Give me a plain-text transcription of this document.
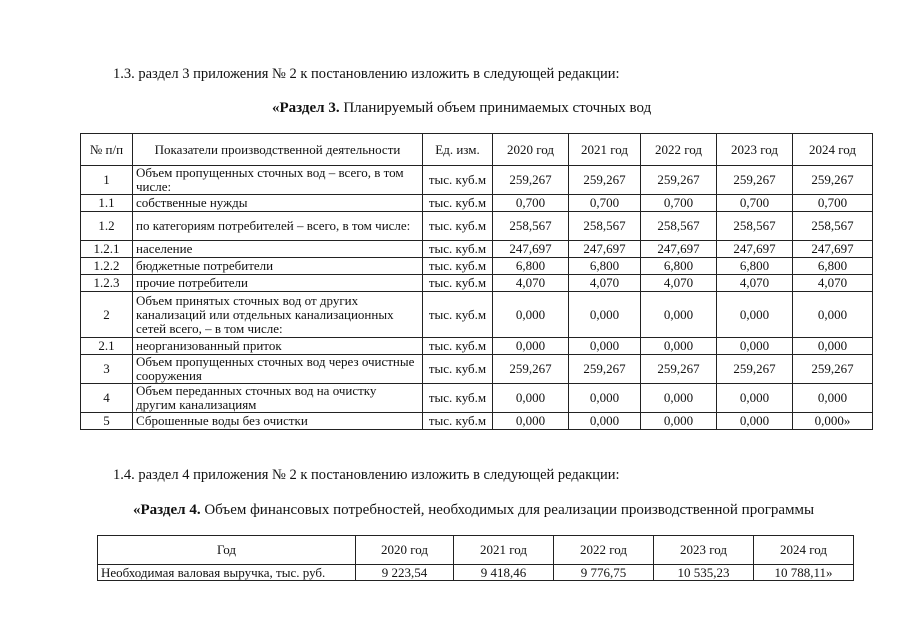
1.3. раздел 3 приложения № 2 к постановлению изложить в следующей редакции:
«Раздел 3. Планируемый объем принимаемых сточных вод
№ п/п	Показатели производственной деятельности	Ед. изм.	2020 год	2021 год	2022 год	2023 год	2024 год
1	Объем пропущенных сточных вод – всего, в том числе:	тыс. куб.м	259,267	259,267	259,267	259,267	259,267
1.1	собственные нужды	тыс. куб.м	0,700	0,700	0,700	0,700	0,700
1.2	по категориям потребителей – всего, в том числе:	тыс. куб.м	258,567	258,567	258,567	258,567	258,567
1.2.1	население	тыс. куб.м	247,697	247,697	247,697	247,697	247,697
1.2.2	бюджетные потребители	тыс. куб.м	6,800	6,800	6,800	6,800	6,800
1.2.3	прочие потребители	тыс. куб.м	4,070	4,070	4,070	4,070	4,070
2	Объем принятых сточных вод от других канализаций или отдельных канализационных сетей всего, – в том числе:	тыс. куб.м	0,000	0,000	0,000	0,000	0,000
2.1	неорганизованный приток	тыс. куб.м	0,000	0,000	0,000	0,000	0,000
3	Объем пропущенных сточных вод через очистные сооружения	тыс. куб.м	259,267	259,267	259,267	259,267	259,267
4	Объем переданных сточных вод на очистку другим канализациям	тыс. куб.м	0,000	0,000	0,000	0,000	0,000
5	Сброшенные воды без очистки	тыс. куб.м	0,000	0,000	0,000	0,000	0,000»
1.4. раздел 4 приложения № 2 к постановлению изложить в следующей редакции:
«Раздел 4. Объем финансовых потребностей, необходимых для реализации производственной программы
Год	2020 год	2021 год	2022 год	2023 год	2024 год
Необходимая валовая выручка, тыс. руб.	9 223,54	9 418,46	9 776,75	10 535,23	10 788,11»
